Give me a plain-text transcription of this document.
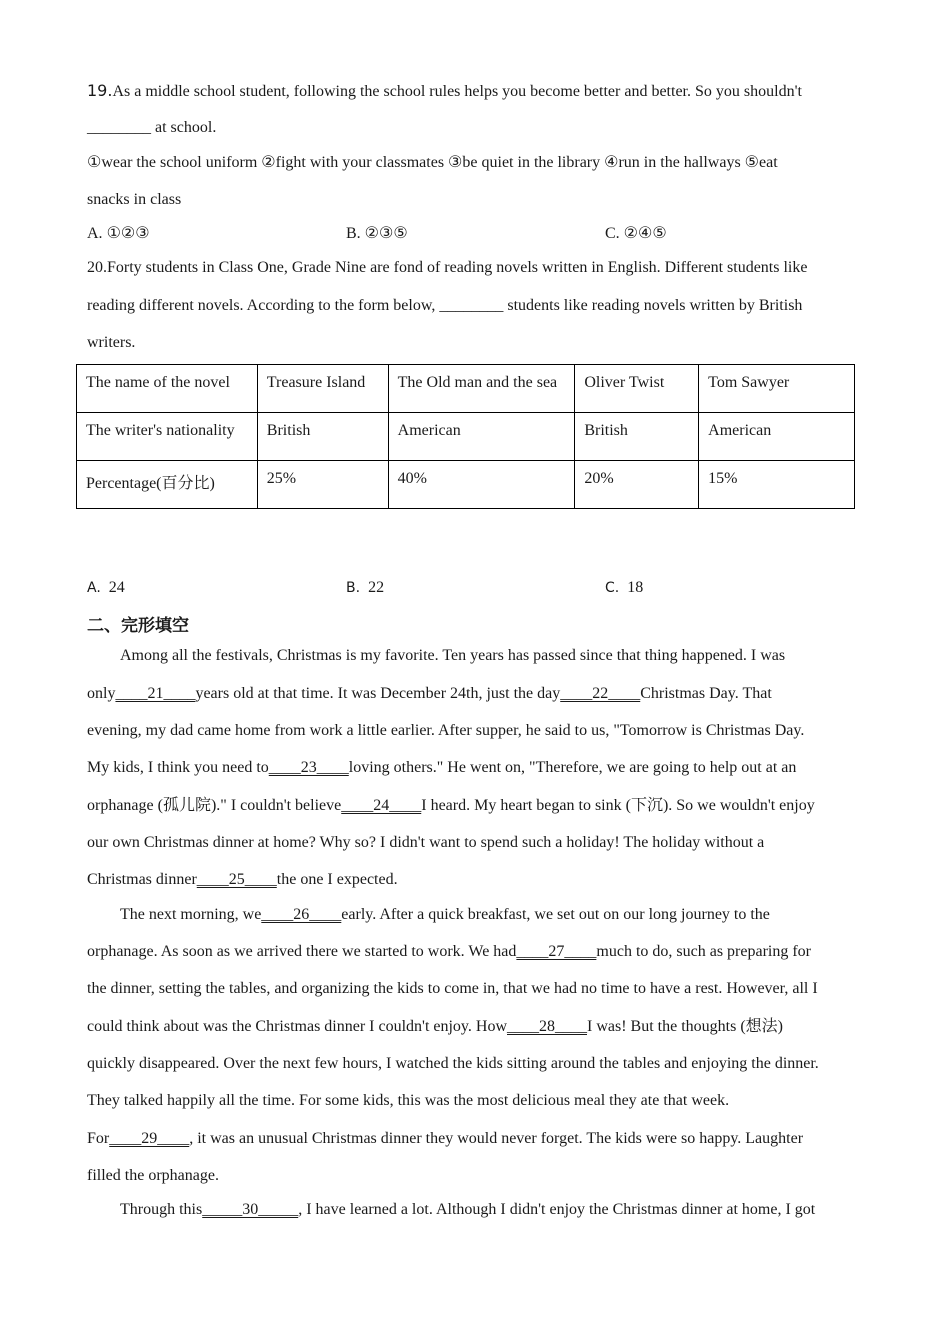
19.As a middle school student, following the school rules helps you become better and better. So you shouldn't
________ at school.
①wear the school uniform ②fight with your classmates ③be quiet in the library ④run in the hallways ⑤eat
snacks in class
A. ①②③	B. ②③⑤	C. ②④⑤
20.Forty students in Class One, Grade Nine are fond of reading novels written in English. Different students like
reading different novels. According to the form below, ________ students like reading novels written by British
writers.
The name of the novel	Treasure Island	The Old man and the sea	Oliver Twist	Tom Sawyer
The writer's nationality	British	American	British	American
Percentage(百分比)	25%	40%	20%	15%
A. 24	B. 22	C. 18
二、完形填空
Among all the festivals, Christmas is my favorite. Ten years has passed since that thing happened. I was
only____21____years old at that time. It was December 24th, just the day____22____Christmas Day. That
evening, my dad came home from work a little earlier. After supper, he said to us, "Tomorrow is Christmas Day.
My kids, I think you need to____23____loving others." He went on, "Therefore, we are going to help out at an
orphanage (孤儿院)." I couldn't believe____24____I heard. My heart began to sink (下沉). So we wouldn't enjoy
our own Christmas dinner at home? Why so? I didn't want to spend such a holiday! The holiday without a
Christmas dinner____25____the one I expected.
The next morning, we____26____early. After a quick breakfast, we set out on our long journey to the
orphanage. As soon as we arrived there we started to work. We had____27____much to do, such as preparing for
the dinner, setting the tables, and organizing the kids to come in, that we had no time to have a rest. However, all I
could think about was the Christmas dinner I couldn't enjoy. How____28____I was! But the thoughts (想法)
quickly disappeared. Over the next few hours, I watched the kids sitting around the tables and enjoying the dinner.
They talked happily all the time. For some kids, this was the most delicious meal they ate that week.
For____29____, it was an unusual Christmas dinner they would never forget. The kids were so happy. Laughter
filled the orphanage.
Through this_____30_____, I have learned a lot. Although I didn't enjoy the Christmas dinner at home, I got
